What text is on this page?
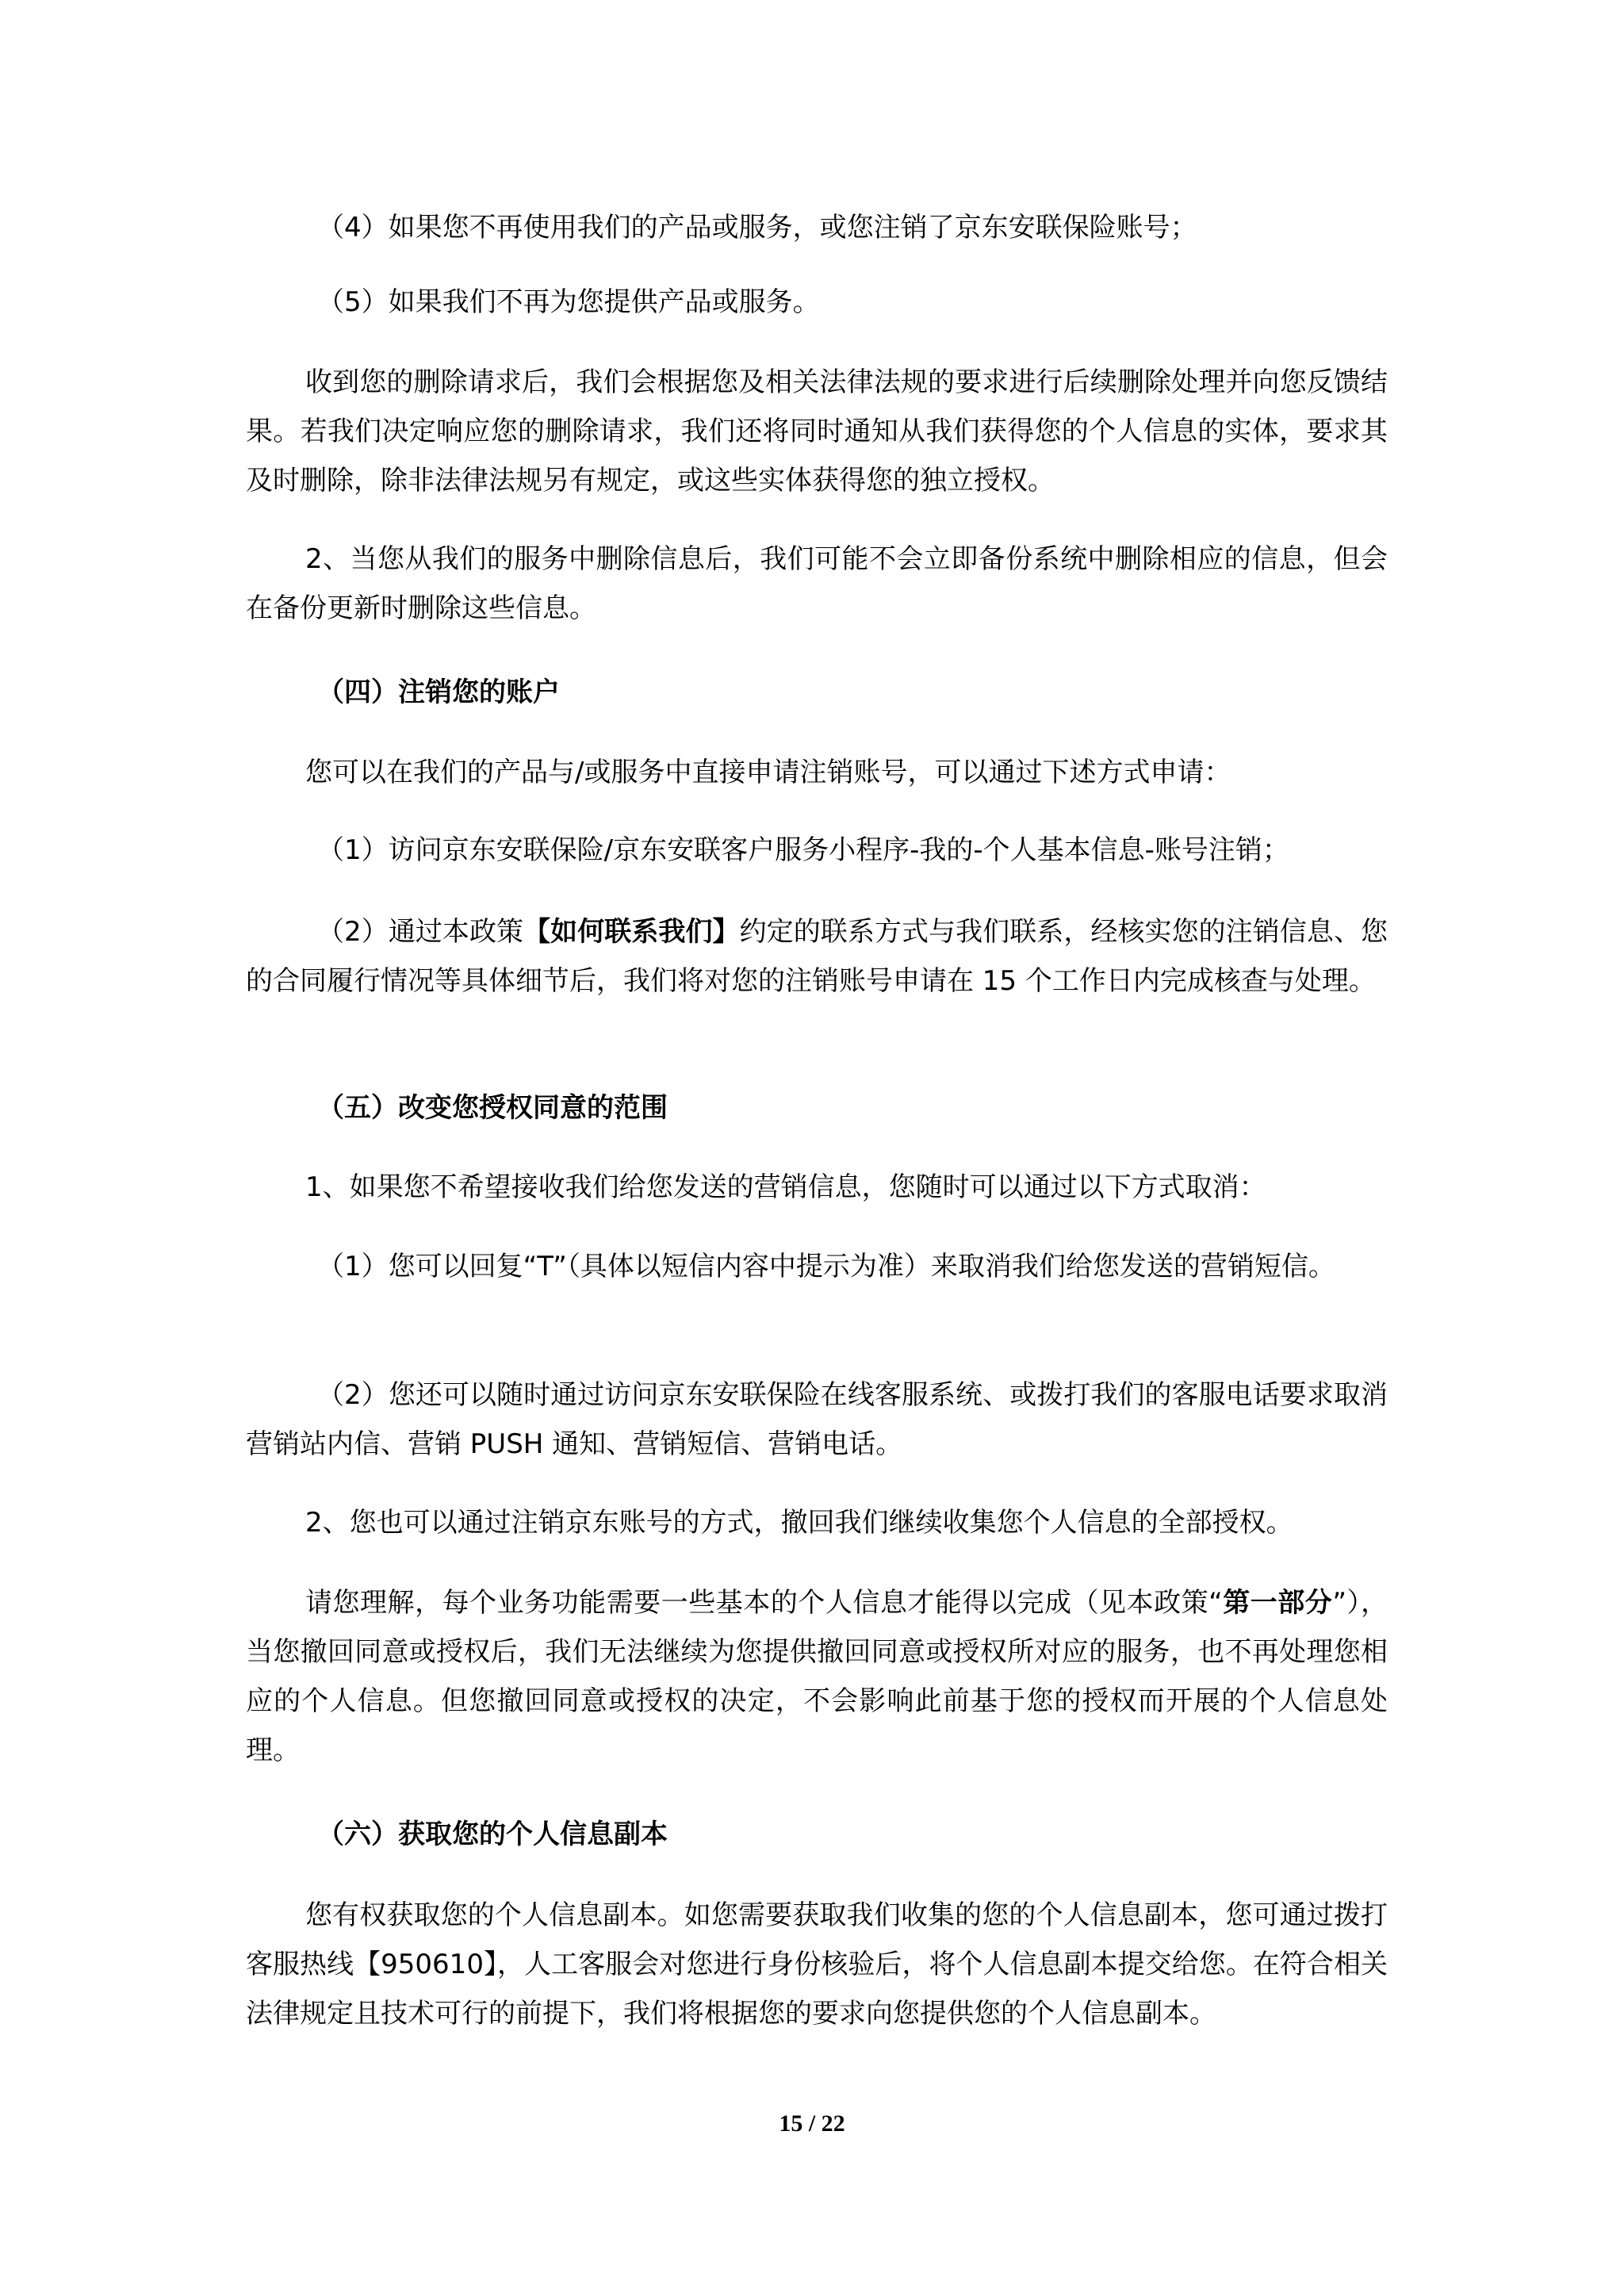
（4）如果您不再使用我们的产品或服务，或您注销了京东安联保险账号；

（5）如果我们不再为您提供产品或服务。

收到您的删除请求后，我们会根据您及相关法律法规的要求进行后续删除处理并向您反馈结果。若我们决定响应您的删除请求，我们还将同时通知从我们获得您的个人信息的实体，要求其及时删除，除非法律法规另有规定，或这些实体获得您的独立授权。

2、当您从我们的服务中删除信息后，我们可能不会立即备份系统中删除相应的信息，但会在备份更新时删除这些信息。

（四）注销您的账户

您可以在我们的产品与/或服务中直接申请注销账号，可以通过下述方式申请：

（1）访问京东安联保险/京东安联客户服务小程序-我的-个人基本信息-账号注销；

（2）通过本政策【如何联系我们】约定的联系方式与我们联系，经核实您的注销信息、您的合同履行情况等具体细节后，我们将对您的注销账号申请在 15 个工作日内完成核查与处理。

（五）改变您授权同意的范围

1、如果您不希望接收我们给您发送的营销信息，您随时可以通过以下方式取消：

（1）您可以回复“T”（具体以短信内容中提示为准）来取消我们给您发送的营销短信。

（2）您还可以随时通过访问京东安联保险在线客服系统、或拨打我们的客服电话要求取消营销站内信、营销 PUSH 通知、营销短信、营销电话。

2、您也可以通过注销京东账号的方式，撤回我们继续收集您个人信息的全部授权。

请您理解，每个业务功能需要一些基本的个人信息才能得以完成（见本政策“第一部分”），当您撤回同意或授权后，我们无法继续为您提供撤回同意或授权所对应的服务，也不再处理您相应的个人信息。但您撤回同意或授权的决定，不会影响此前基于您的授权而开展的个人信息处理。

（六）获取您的个人信息副本

您有权获取您的个人信息副本。如您需要获取我们收集的您的个人信息副本，您可通过拨打客服热线【950610】，人工客服会对您进行身份核验后，将个人信息副本提交给您。在符合相关法律规定且技术可行的前提下，我们将根据您的要求向您提供您的个人信息副本。

15 / 22
